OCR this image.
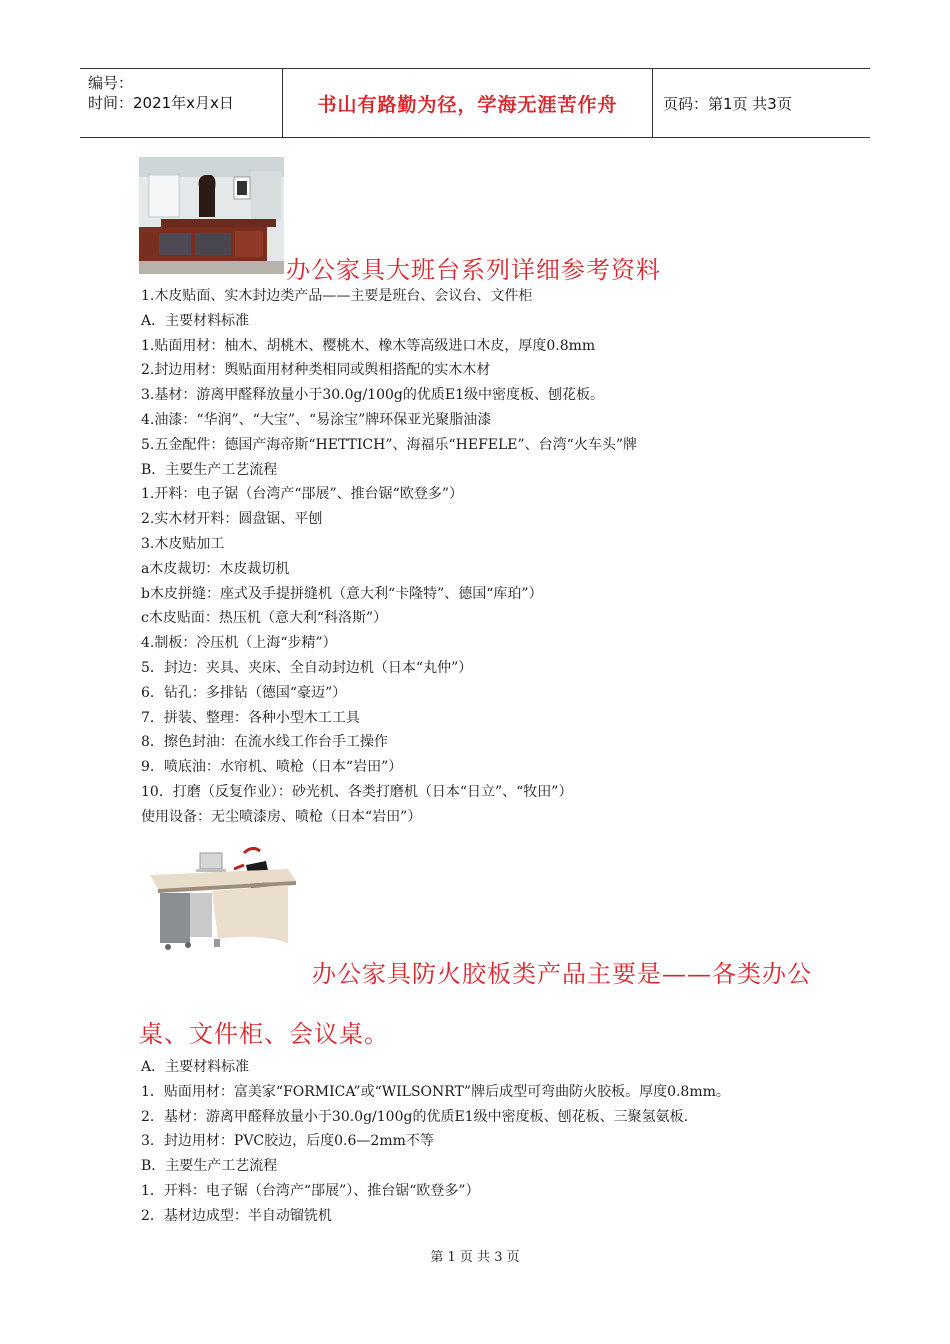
编号：
时间：2021年x月x日	书山有路勤为径，学海无涯苦作舟	页码：第1页 共3页
办公家具大班台系列详细参考资料
1.木皮贴面、实木封边类产品——主要是班台、会议台、文件柜
A．主要材料标准
1.贴面用材：柚木、胡桃木、樱桃木、橡木等高级进口木皮，厚度0.8mm
2.封边用材：舆贴面用材种类相同或舆相搭配的实木木材
3.基材：游离甲醛释放量小于30.0g/100g的优质E1级中密度板、刨花板。
4.油漆：“华润”、“大宝”、“易涂宝”牌环保亚光聚脂油漆
5.五金配件：德国产海帝斯“HETTICH”、海福乐“HEFELE”、台湾“火车头”牌
B．主要生产工艺流程
1.开料：电子锯（台湾产“郘展”、推台锯“欧登多”）
2.实木材开料：圆盘锯、平刨
3.木皮贴加工
a木皮裁切：木皮裁切机
b木皮拼缝：座式及手提拼缝机（意大利“卡隆特”、德国“库珀”）
c木皮贴面：热压机（意大利“科洛斯”）
4.制板：冷压机（上海“步精”）
5．封边：夹具、夹床、全自动封边机（日本“丸仲”）
6．钻孔：多排钻（德国“豪迈”）
7．拼装、整理：各种小型木工工具
8．擦色封油：在流水线工作台手工操作
9．喷底油：水帘机、喷枪（日本“岩田”）
10．打磨（反复作业）：砂光机、各类打磨机（日本“日立”、“牧田”）
使用设备：无尘喷漆房、喷枪（日本“岩田”）
办公家具防火胶板类产品主要是——各类办公
桌、文件柜、会议桌。
A．主要材料标准
1．贴面用材：富美家“FORMICA”或“WILSONRT”牌后成型可弯曲防火胶板。厚度0.8mm。
2．基材：游离甲醛释放量小于30.0g/100g的优质E1级中密度板、刨花板、三聚氢氨板.
3．封边用材：PVC胶边，后度0.6—2mm不等
B．主要生产工艺流程
1．开料：电子锯（台湾产“郘展”）、推台锯“欧登多”）
2．基材边成型：半自动镏铣机
第 1 页 共 3 页
